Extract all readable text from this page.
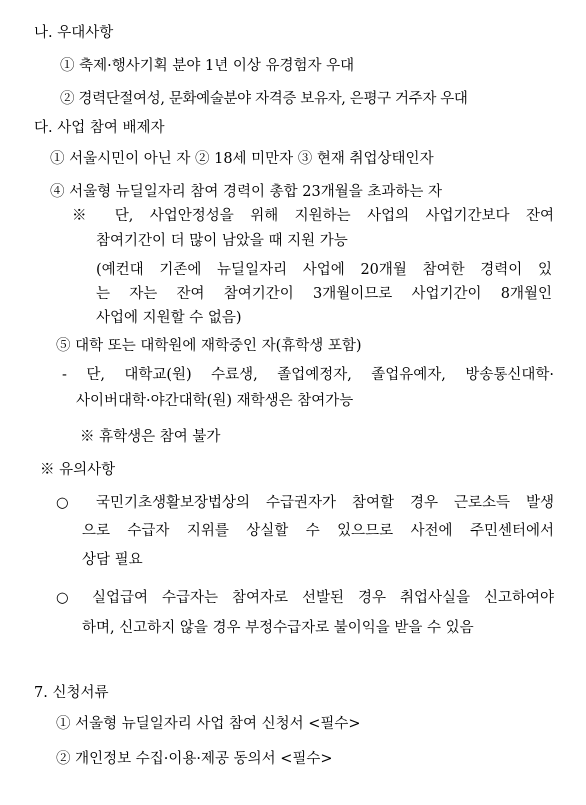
나. 우대사항
① 축제·행사기획 분야 1년 이상 유경험자 우대
② 경력단절여성, 문화예술분야 자격증 보유자, 은평구 거주자 우대
다. 사업 참여 배제자
① 서울시민이 아닌 자 ② 18세 미만자 ③ 현재 취업상태인자
④ 서울형 뉴딜일자리 참여 경력이 총합 23개월을 초과하는 자
※ 단, 사업안정성을 위해 지원하는 사업의 사업기간보다 잔여
참여기간이 더 많이 남았을 때 지원 가능
(예컨대 기존에 뉴딜일자리 사업에 20개월 참여한 경력이 있
는 자는 잔여 참여기간이 3개월이므로 사업기간이 8개월인
사업에 지원할 수 없음)
⑤ 대학 또는 대학원에 재학중인 자(휴학생 포함)
- 단, 대학교(원) 수료생, 졸업예정자, 졸업유예자, 방송통신대학·
사이버대학·야간대학(원) 재학생은 참여가능
※ 휴학생은 참여 불가
※ 유의사항
○ 국민기초생활보장법상의 수급권자가 참여할 경우 근로소득 발생
으로 수급자 지위를 상실할 수 있으므로 사전에 주민센터에서
상담 필요
○ 실업급여 수급자는 참여자로 선발된 경우 취업사실을 신고하여야
하며, 신고하지 않을 경우 부정수급자로 불이익을 받을 수 있음
7. 신청서류
① 서울형 뉴딜일자리 사업 참여 신청서 <필수>
② 개인정보 수집·이용·제공 동의서 <필수>
